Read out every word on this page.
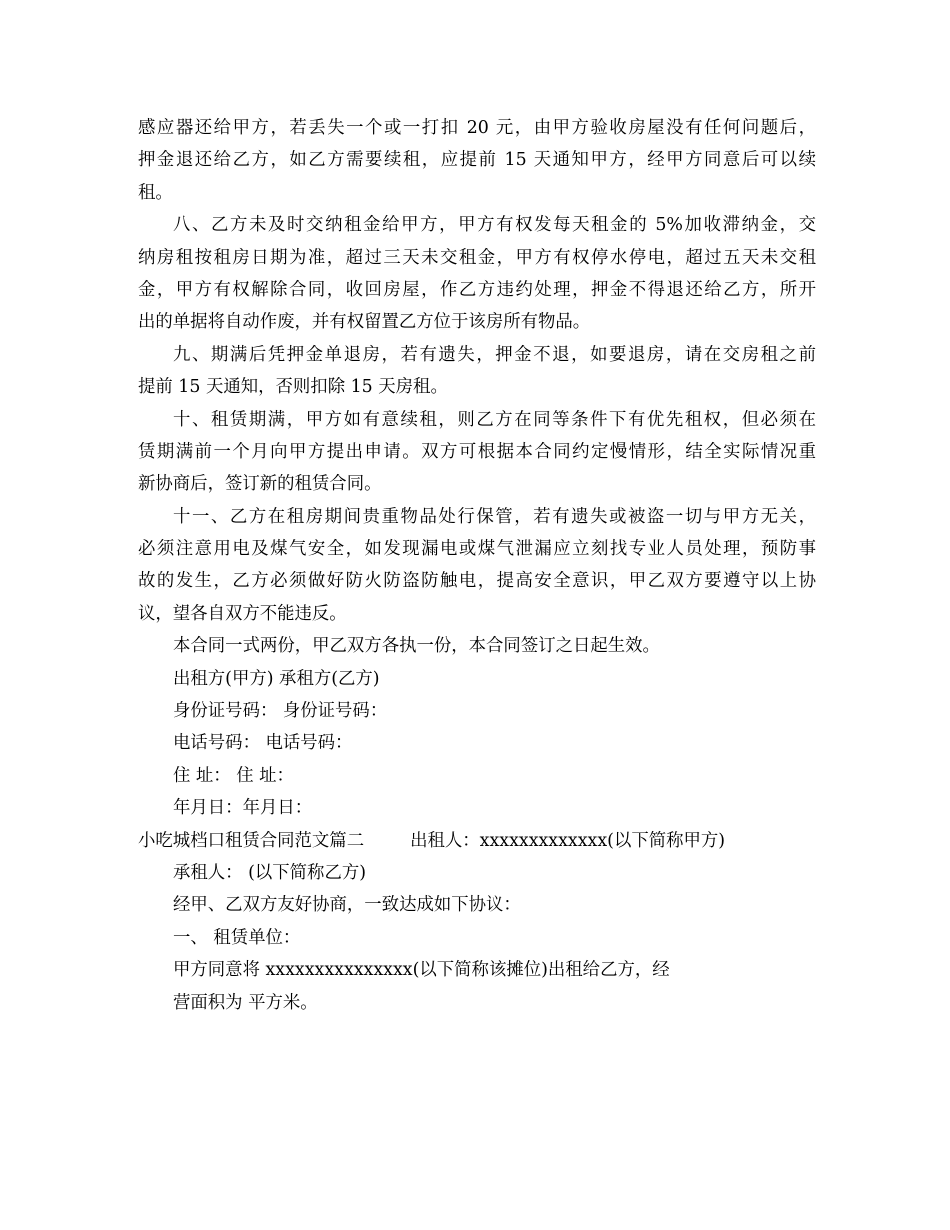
感应器还给甲方，若丢失一个或一打扣 20 元，由甲方验收房屋没有任何问题后，
押金退还给乙方，如乙方需要续租，应提前 15 天通知甲方，经甲方同意后可以续
租。
八、乙方未及时交纳租金给甲方，甲方有权发每天租金的 5%加收滞纳金，交
纳房租按租房日期为准，超过三天未交租金，甲方有权停水停电，超过五天未交租
金，甲方有权解除合同，收回房屋，作乙方违约处理，押金不得退还给乙方，所开
出的单据将自动作废，并有权留置乙方位于该房所有物品。
九、期满后凭押金单退房，若有遗失，押金不退，如要退房，请在交房租之前
提前 15 天通知，否则扣除 15 天房租。
十、租赁期满，甲方如有意续租，则乙方在同等条件下有优先租权，但必须在
赁期满前一个月向甲方提出申请。双方可根据本合同约定慢情形，结全实际情况重
新协商后，签订新的租赁合同。
十一、乙方在租房期间贵重物品处行保管，若有遗失或被盗一切与甲方无关，
必须注意用电及煤气安全，如发现漏电或煤气泄漏应立刻找专业人员处理，预防事
故的发生，乙方必须做好防火防盗防触电，提高安全意识，甲乙双方要遵守以上协
议，望各自双方不能违反。
本合同一式两份，甲乙双方各执一份，本合同签订之日起生效。
出租方(甲方) 承租方(乙方)
身份证号码： 身份证号码：
电话号码： 电话号码：
住 址： 住 址：
年月日：年月日：
小吃城档口租赁合同范文篇二	出租人：xxxxxxxxxxxxx(以下简称甲方)
承租人： (以下简称乙方)
经甲、乙双方友好协商，一致达成如下协议：
一、 租赁单位：
甲方同意将 xxxxxxxxxxxxxxx(以下简称该摊位)出租给乙方，经
营面积为 平方米。
